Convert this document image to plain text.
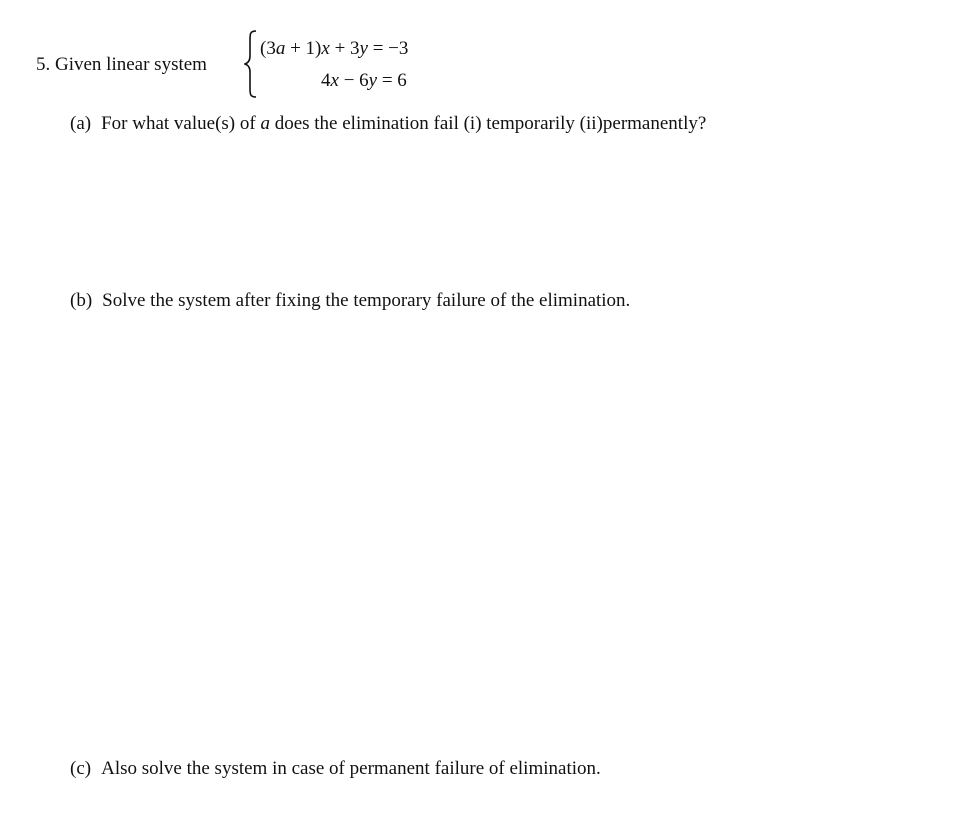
5. Given linear system
(3a + 1)x + 3y = −3
4x − 6y = 6
(a) For what value(s) of a does the elimination fail (i) temporarily (ii)permanently?
(b) Solve the system after fixing the temporary failure of the elimination.
(c) Also solve the system in case of permanent failure of elimination.
